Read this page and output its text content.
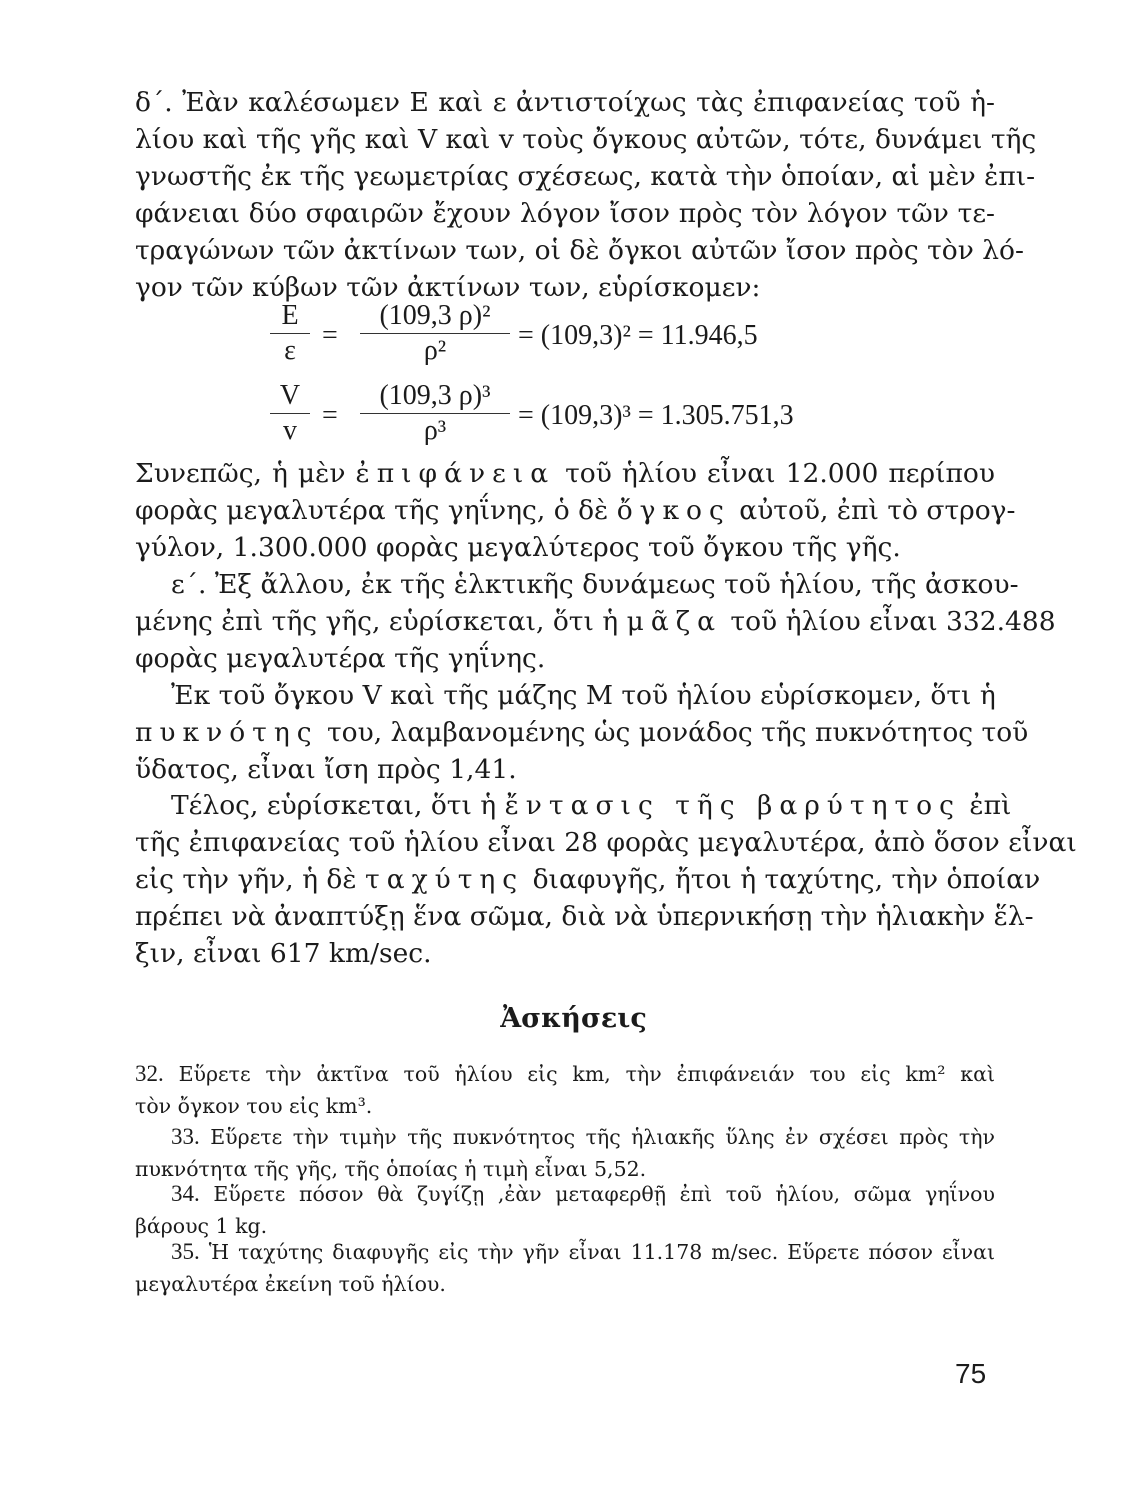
δ΄. Ἐὰν καλέσωμεν Ε καὶ ε ἀντιστοίχως τὰς ἐπιφανείας τοῦ ἡ-
λίου καὶ τῆς γῆς καὶ V καὶ v τοὺς ὄγκους αὐτῶν, τότε, δυνάμει τῆς
γνωστῆς ἐκ τῆς γεωμετρίας σχέσεως, κατὰ τὴν ὁποίαν, αἱ μὲν ἐπι-
φάνειαι δύο σφαιρῶν ἔχουν λόγον ἴσον πρὸς τὸν λόγον τῶν τε-
τραγώνων τῶν ἀκτίνων των, οἱ δὲ ὄγκοι αὐτῶν ἴσον πρὸς τὸν λό-
γον τῶν κύβων τῶν ἀκτίνων των, εὑρίσκομεν:

E
ε =
(109,3 ρ)²
ρ²	= (109,3)² = 11.946,5
V
v =
(109,3 ρ)³
ρ³	= (109,3)³ = 1.305.751,3

Συνεπῶς, ἡ μὲν ἐπιφάνεια τοῦ ἡλίου εἶναι 12.000 περίπου
φορὰς μεγαλυτέρα τῆς γηΐνης, ὁ δὲ ὄγκος αὐτοῦ, ἐπὶ τὸ στρογ-
γύλον, 1.300.000 φορὰς μεγαλύτερος τοῦ ὄγκου τῆς γῆς.

ε΄. Ἐξ ἄλλου, ἐκ τῆς ἑλκτικῆς δυνάμεως τοῦ ἡλίου, τῆς ἀσκου-
μένης ἐπὶ τῆς γῆς, εὑρίσκεται, ὅτι ἡ μᾶζα τοῦ ἡλίου εἶναι 332.488
φορὰς μεγαλυτέρα τῆς γηΐνης.

Ἐκ τοῦ ὄγκου V καὶ τῆς μάζης Μ τοῦ ἡλίου εὑρίσκομεν, ὅτι ἡ
πυκνότης του, λαμβανομένης ὡς μονάδος τῆς πυκνότητος τοῦ
ὕδατος, εἶναι ἴση πρὸς 1,41.

Τέλος, εὑρίσκεται, ὅτι ἡ ἔντασις τῆς βαρύτητος ἐπὶ
τῆς ἐπιφανείας τοῦ ἡλίου εἶναι 28 φορὰς μεγαλυτέρα, ἀπὸ ὅσον εἶναι
εἰς τὴν γῆν, ἡ δὲ ταχύτης διαφυγῆς, ἤτοι ἡ ταχύτης, τὴν ὁποίαν
πρέπει νὰ ἀναπτύξῃ ἕνα σῶμα, διὰ νὰ ὑπερνικήσῃ τὴν ἡλιακὴν ἕλ-
ξιν, εἶναι 617 km/sec.

Ἀσκήσεις
32. Εὕρετε τὴν ἀκτῖνα τοῦ ἡλίου εἰς km, τὴν ἐπιφάνειάν του εἰς km² καὶ
τὸν ὄγκον του εἰς km³.
33. Εὕρετε τὴν τιμὴν τῆς πυκνότητος τῆς ἡλιακῆς ὕλης ἐν σχέσει πρὸς τὴν
πυκνότητα τῆς γῆς, τῆς ὁποίας ἡ τιμὴ εἶναι 5,52.
34. Εὕρετε πόσον θὰ ζυγίζῃ ,ἐὰν μεταφερθῇ ἐπὶ τοῦ ἡλίου, σῶμα γηΐνου
βάρους 1 kg.
35. Ἡ ταχύτης διαφυγῆς εἰς τὴν γῆν εἶναι 11.178 m/sec. Εὕρετε πόσον εἶναι
μεγαλυτέρα ἐκείνη τοῦ ἡλίου.
75
